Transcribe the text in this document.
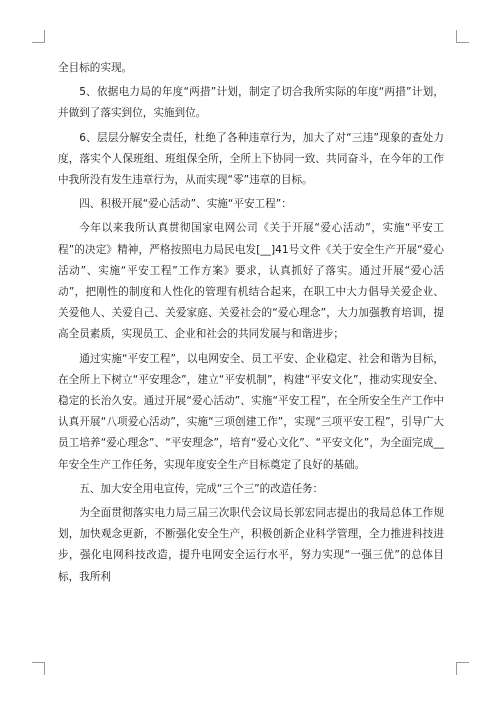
全目标的实现。

5、依据电力局的年度“两措”计划，制定了切合我所实际的年度“两措”计划，并做到了落实到位，实施到位。

6、层层分解安全责任，杜绝了各种违章行为，加大了对“三违”现象的查处力度，落实个人保班组、班组保全所，全所上下协同一致、共同奋斗，在今年的工作中我所没有发生违章行为，从而实现“零”违章的目标。

四、积极开展“爱心活动”、实施“平安工程”：

今年以来我所认真贯彻国家电网公司《关于开展“爱心活动”，实施“平安工程”的决定》精神，严格按照电力局民电发[__]41号文件《关于安全生产开展“爱心活动”、实施“平安工程”工作方案》要求，认真抓好了落实。通过开展“爱心活动”，把刚性的制度和人性化的管理有机结合起来，在职工中大力倡导关爱企业、关爱他人、关爱自己、关爱家庭、关爱社会的“爱心理念”，大力加强教育培训，提高全员素质，实现员工、企业和社会的共同发展与和谐进步；

通过实施“平安工程”，以电网安全、员工平安、企业稳定、社会和谐为目标，在全所上下树立“平安理念”，建立“平安机制”，构建“平安文化”，推动实现安全、稳定的长治久安。通过开展“爱心活动”、实施“平安工程”，在全所安全生产工作中认真开展“八项爱心活动”，实施“三项创建工作”，实现“三项平安工程”，引导广大员工培养“爱心理念”、“平安理念”，培育“爱心文化”、“平安文化”，为全面完成__年安全生产工作任务，实现年度安全生产目标奠定了良好的基础。

五、加大安全用电宣传，完成“三个三”的改造任务：

为全面贯彻落实电力局三届三次职代会议局长郭宏同志提出的我局总体工作规划，加快观念更新，不断强化安全生产，积极创新企业科学管理，全力推进科技进步，强化电网科技改造，提升电网安全运行水平，努力实现“一强三优”的总体目标，我所利
